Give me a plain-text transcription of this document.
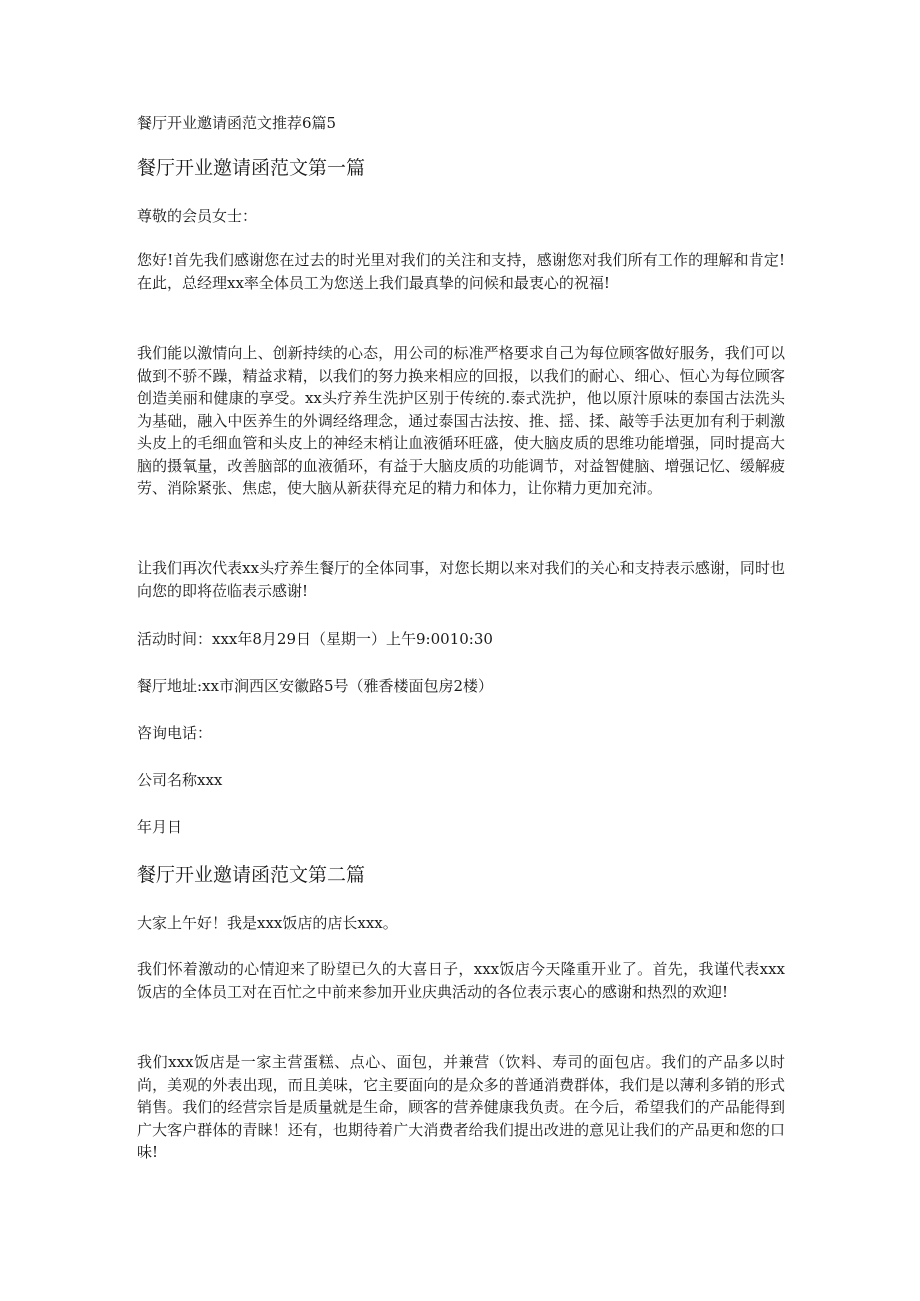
餐厅开业邀请函范文推荐6篇5
餐厅开业邀请函范文第一篇

尊敬的会员女士：

您好!首先我们感谢您在过去的时光里对我们的关注和支持，感谢您对我们所有工作的理解和肯定!在此，总经理xx率全体员工为您送上我们最真挚的问候和最衷心的祝福!

我们能以激情向上、创新持续的心态，用公司的标准严格要求自己为每位顾客做好服务，我们可以做到不骄不躁，精益求精，以我们的努力换来相应的回报，以我们的耐心、细心、恒心为每位顾客创造美丽和健康的享受。xx头疗养生洗护区别于传统的.泰式洗护，他以原汁原味的泰国古法洗头为基础，融入中医养生的外调经络理念，通过泰国古法按、推、揺、揉、敲等手法更加有利于刺激头皮上的毛细血管和头皮上的神经末梢让血液循环旺盛，使大脑皮质的思维功能增强，同时提高大脑的摄氧量，改善脑部的血液循环，有益于大脑皮质的功能调节，对益智健脑、增强记忆、缓解疲劳、消除紧张、焦虑，使大脑从新获得充足的精力和体力，让你精力更加充沛。

让我们再次代表xx头疗养生餐厅的全体同事，对您长期以来对我们的关心和支持表示感谢，同时也向您的即将莅临表示感谢!

活动时间：xxx年8月29日（星期一）上午9:0010:30

餐厅地址:xx市涧西区安徽路5号（雅香楼面包房2楼）

咨询电话：

公司名称xxx

年月日

餐厅开业邀请函范文第二篇

大家上午好！我是xxx饭店的店长xxx。

我们怀着激动的心情迎来了盼望已久的大喜日子，xxx饭店今天隆重开业了。首先，我谨代表xxx饭店的全体员工对在百忙之中前来参加开业庆典活动的各位表示衷心的感谢和热烈的欢迎!

我们xxx饭店是一家主营蛋糕、点心、面包，并兼营（饮料、寿司的面包店。我们的产品多以时尚，美观的外表出现，而且美味，它主要面向的是众多的普通消费群体，我们是以薄利多销的形式销售。我们的经营宗旨是质量就是生命，顾客的营养健康我负责。在今后，希望我们的产品能得到广大客户群体的青睐！还有，也期待着广大消费者给我们提出改进的意见让我们的产品更和您的口味!
